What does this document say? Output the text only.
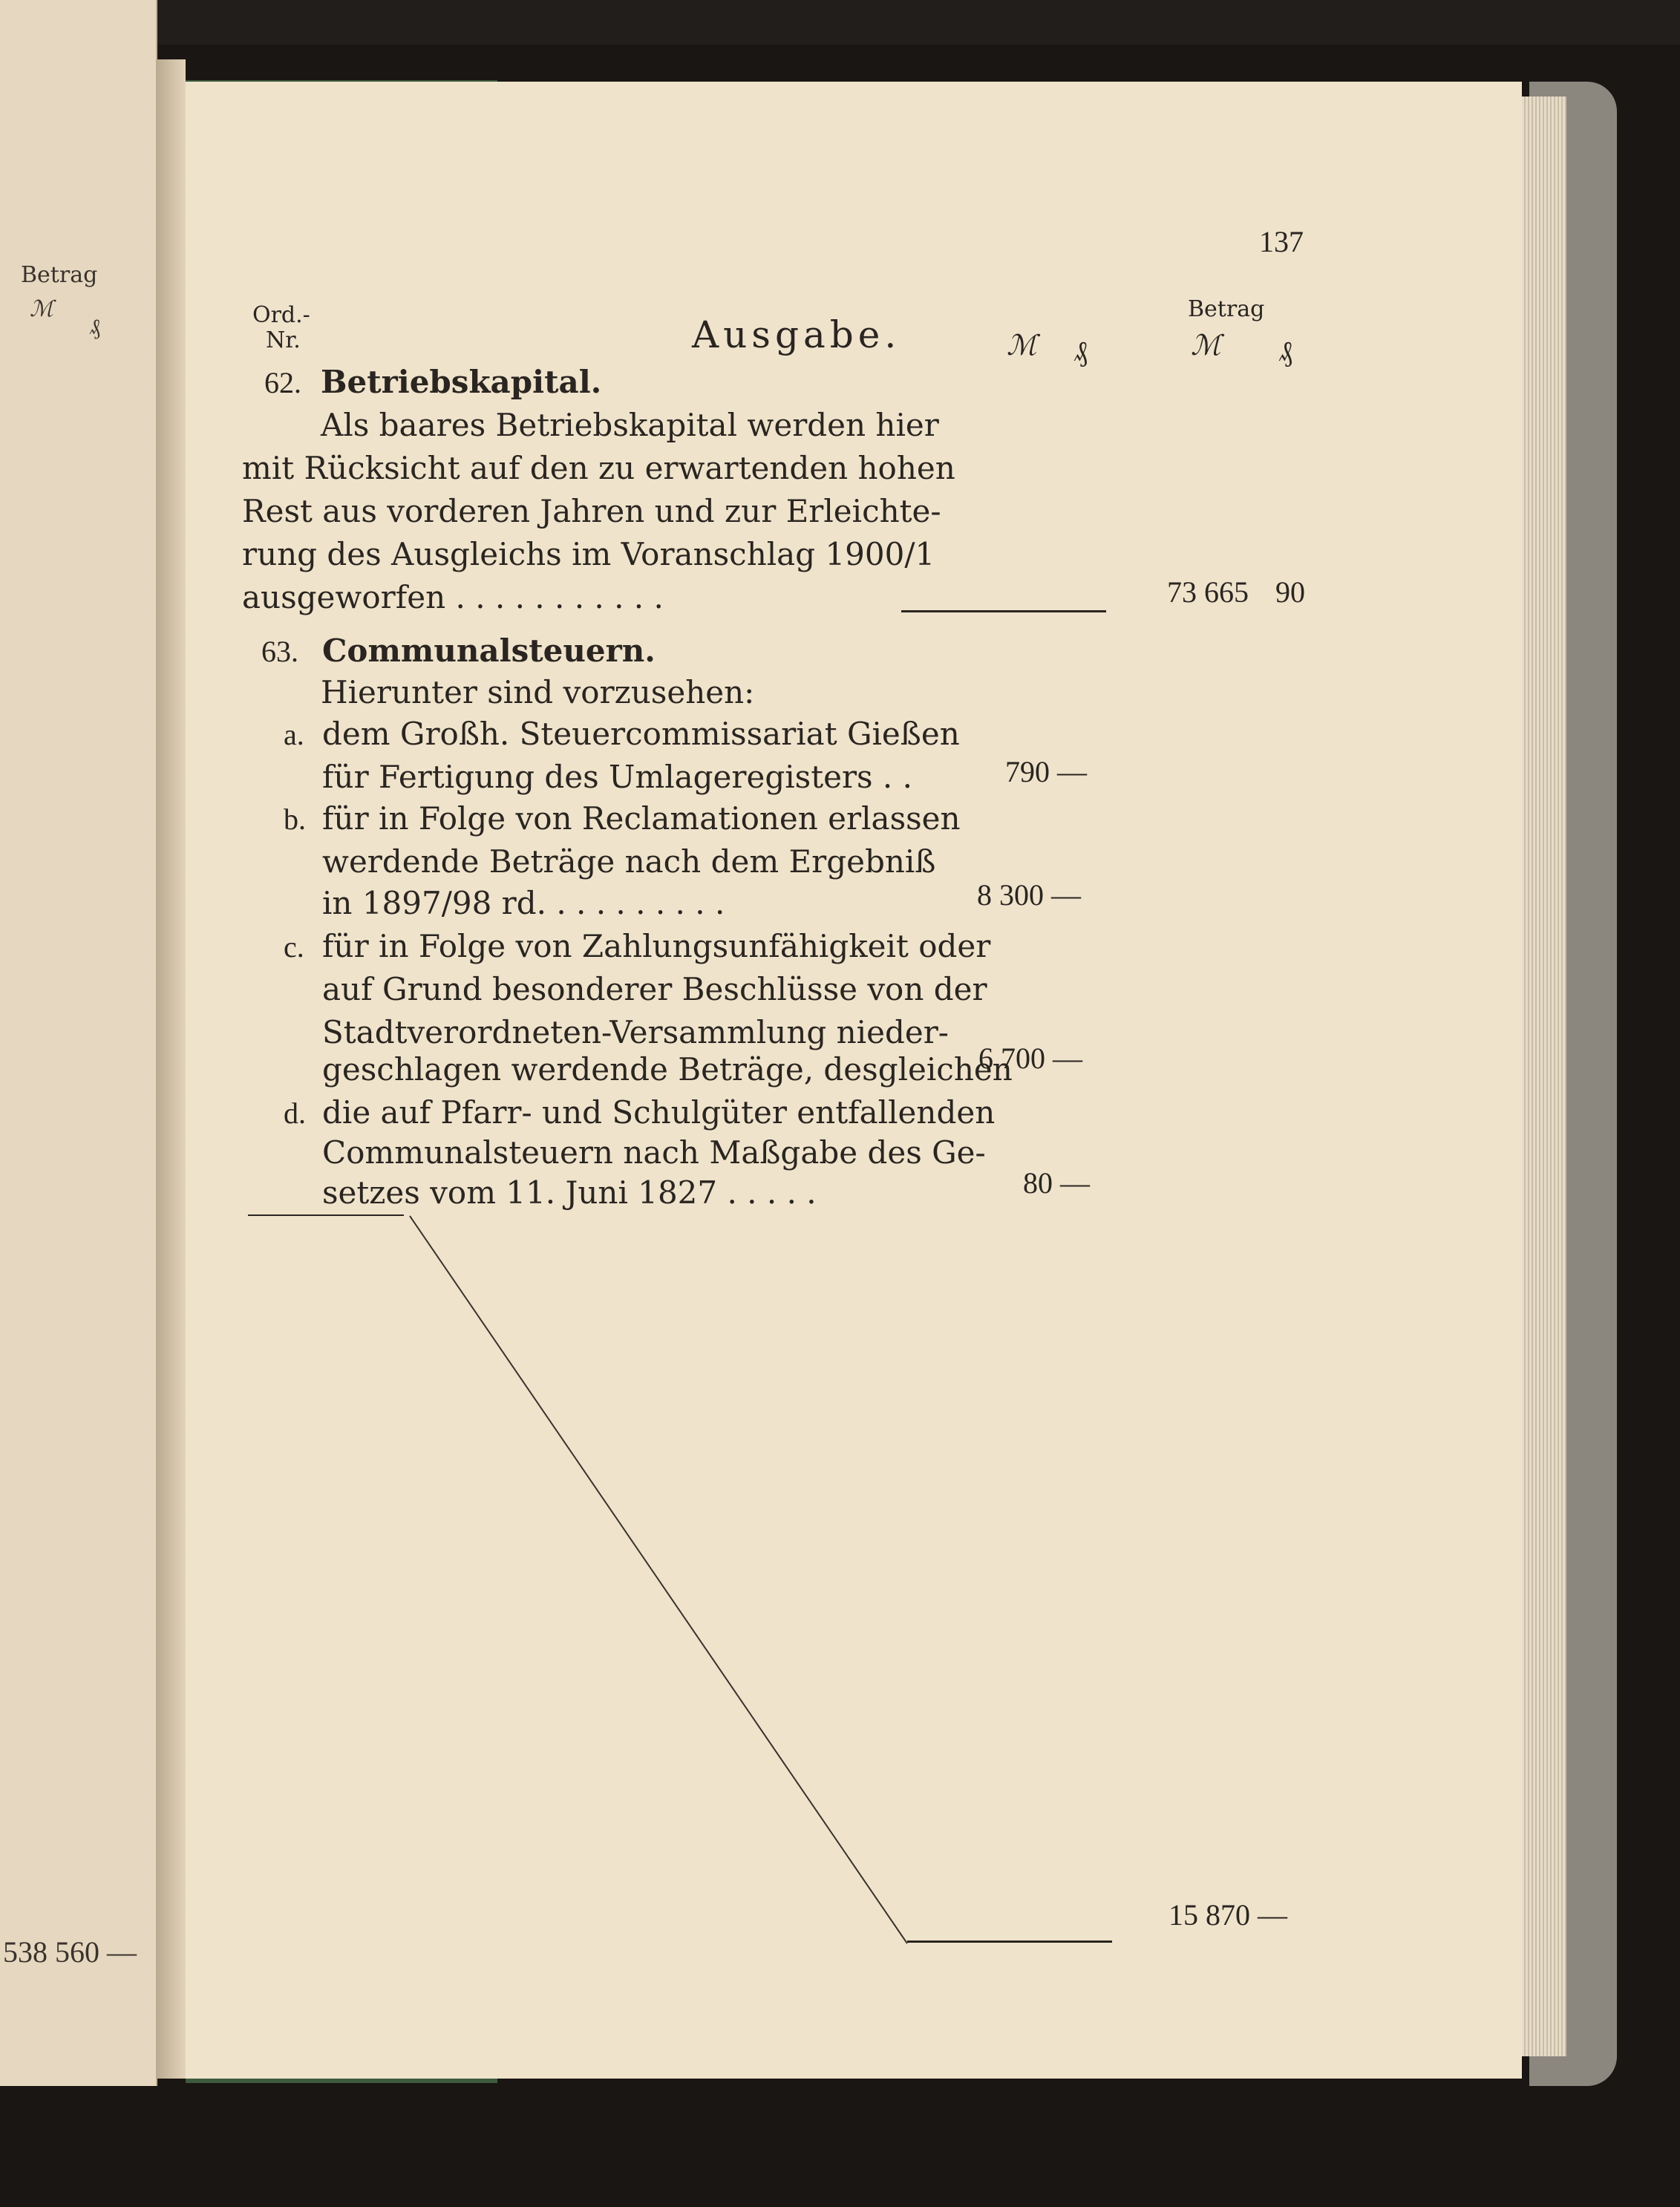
Betrag
ℳ
₰
538 560 —
137
Ord.-
Nr.	Ausgabe.	ℳ ₰
Betrag
ℳ ₰
62. Betriebskapital.
Als baares Betriebskapital werden hier
mit Rücksicht auf den zu erwartenden hohen
Rest aus vorderen Jahren und zur Erleichte-
rung des Ausgleichs im Voranschlag 1900/1
ausgeworfen . . . . . . . . . . .	73 665 90
63. Communalsteuern.
Hierunter sind vorzusehen:
a. dem Großh. Steuercommissariat Gießen
für Fertigung des Umlageregisters . .	790 —
b. für in Folge von Reclamationen erlassen
werdende Beträge nach dem Ergebniß
in 1897/98 rd. . . . . . . . . .	8 300 —
c. für in Folge von Zahlungsunfähigkeit oder
auf Grund besonderer Beschlüsse von der
Stadtverordneten-Versammlung nieder-
geschlagen werdende Beträge, desgleichen
6 700 —
d. die auf Pfarr- und Schulgüter entfallenden
Communalsteuern nach Maßgabe des Ge-
setzes vom 11. Juni 1827 . . . . .	80 —
15 870 —
